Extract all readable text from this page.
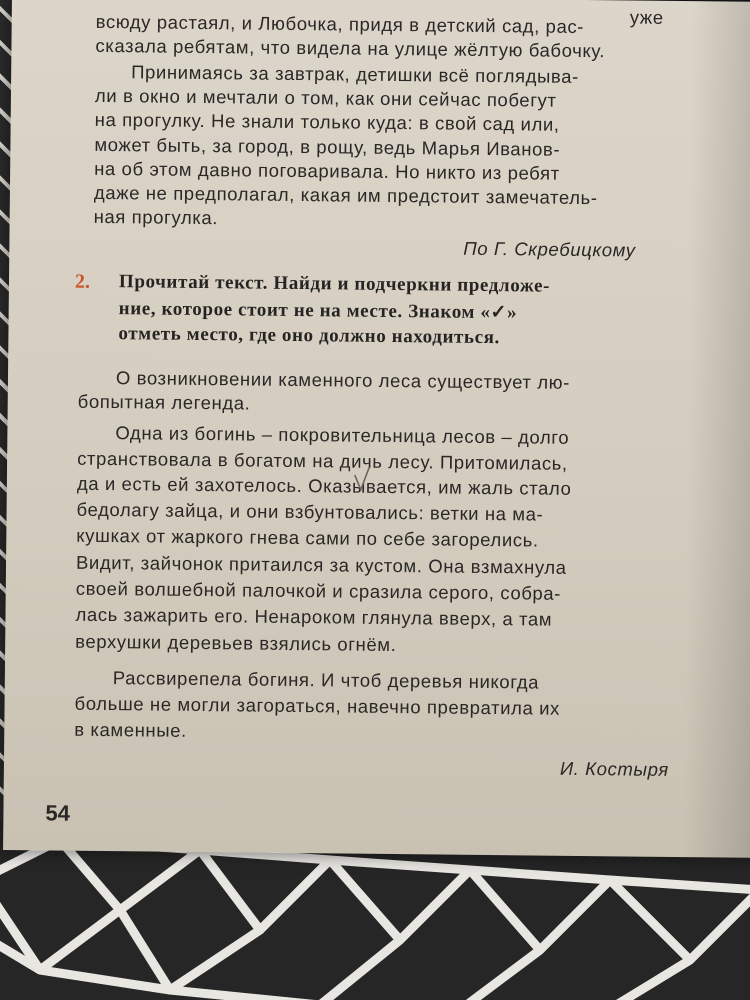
уже
всюду растаял, и Любочка, придя в детский сад, рас-
сказала ребятам, что видела на улице жёлтую бабочку.
Принимаясь за завтрак, детишки всё поглядыва-
ли в окно и мечтали о том, как они сейчас побегут
на прогулку. Не знали только куда: в свой сад или,
может быть, за город, в рощу, ведь Марья Иванов-
на об этом давно поговаривала. Но никто из ребят
даже не предполагал, какая им предстоит замечатель-
ная прогулка.
По Г. Скребицкому
2. Прочитай текст. Найди и подчеркни предложе-
ние, которое стоит не на месте. Знаком «✓»
отметь место, где оно должно находиться.
О возникновении каменного леса существует лю-
бопытная легенда.
Одна из богинь – покровительница лесов – долго
странствовала в богатом на дичь лесу. Притомилась,
да и есть ей захотелось. Оказывается, им жаль стало
бедолагу зайца, и они взбунтовались: ветки на ма-
кушках от жаркого гнева сами по себе загорелись.
Видит, зайчонок притаился за кустом. Она взмахнула
своей волшебной палочкой и сразила серого, собра-
лась зажарить его. Ненароком глянула вверх, а там
верхушки деревьев взялись огнём.
Рассвирепела богиня. И чтоб деревья никогда
больше не могли загораться, навечно превратила их
в каменные.
И. Костыря
54
